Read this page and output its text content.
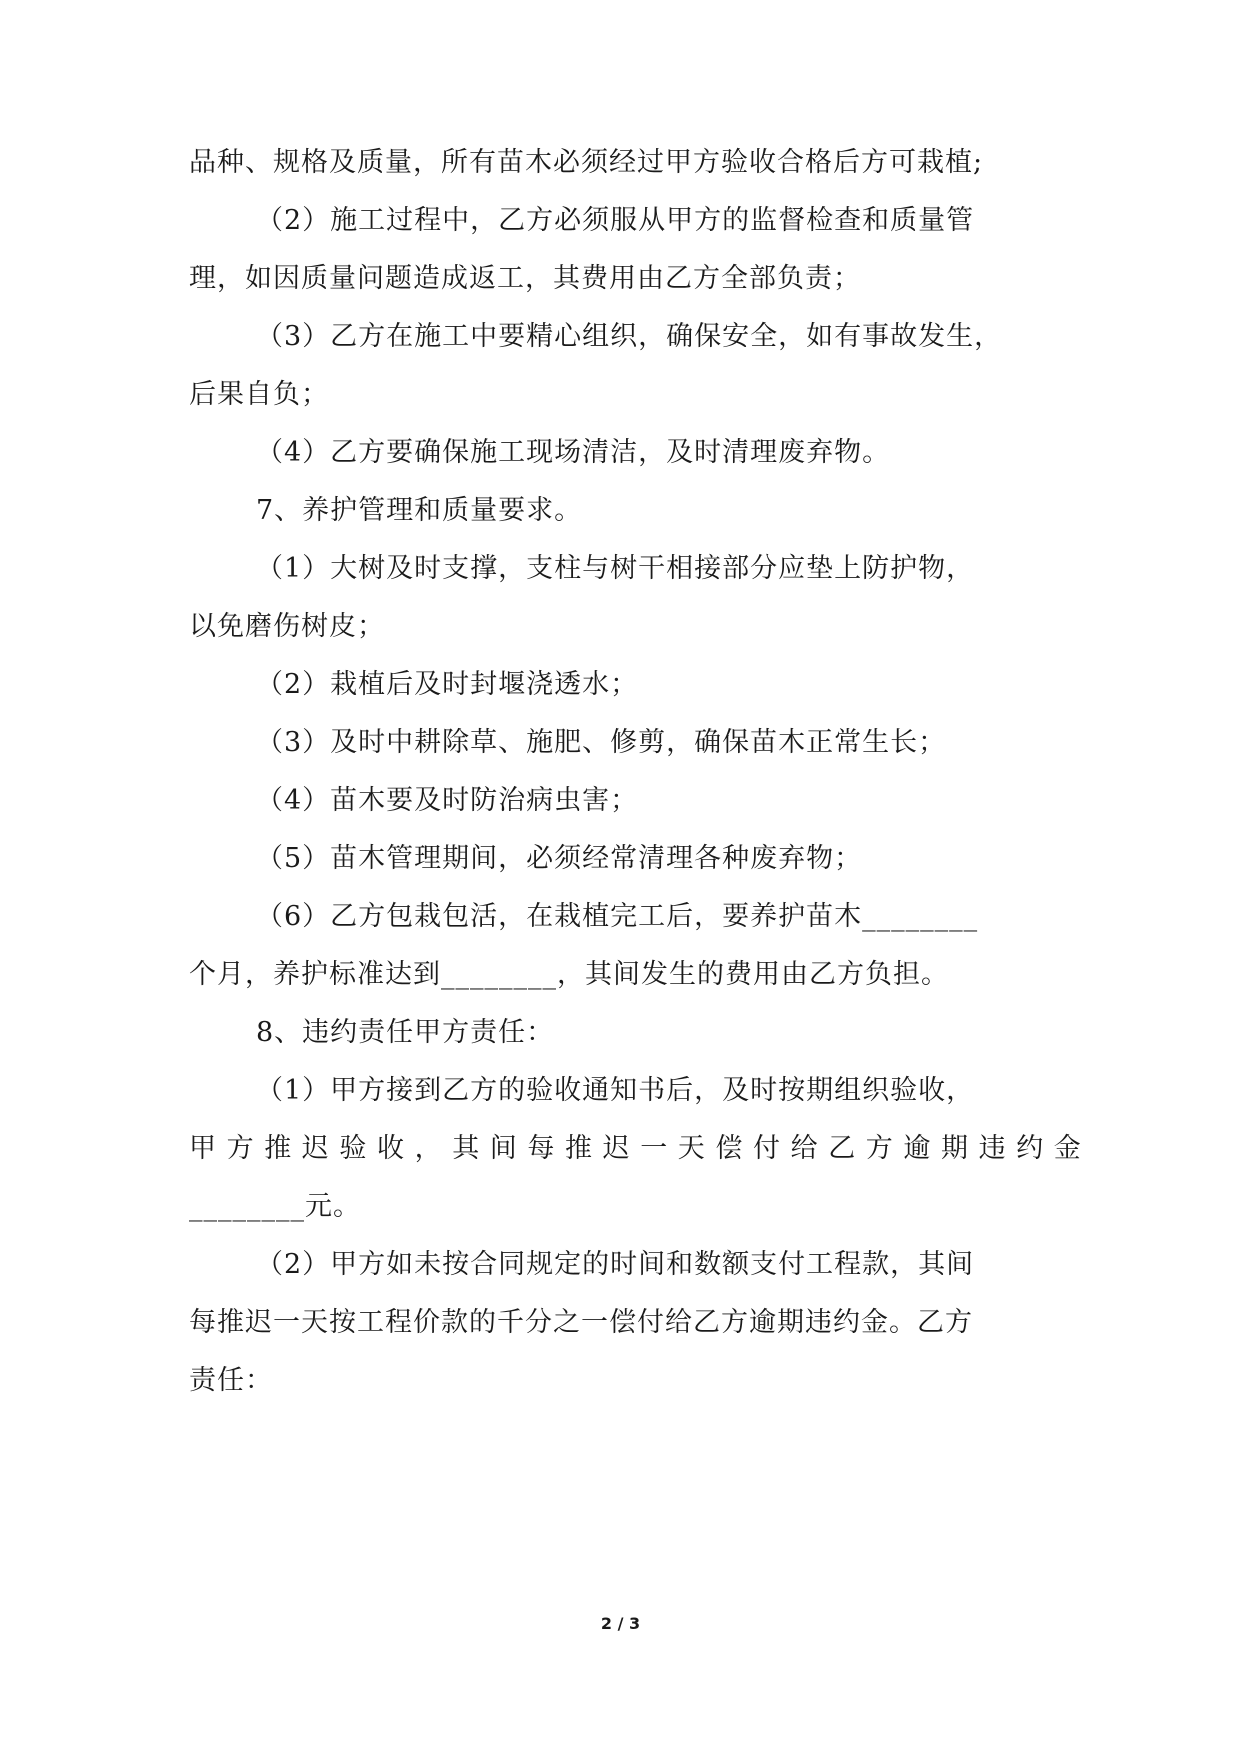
品种、规格及质量，所有苗木必须经过甲方验收合格后方可栽植;
（2）施工过程中，乙方必须服从甲方的监督检查和质量管
理，如因质量问题造成返工，其费用由乙方全部负责；
（3）乙方在施工中要精心组织，确保安全，如有事故发生，
后果自负；
（4）乙方要确保施工现场清洁，及时清理废弃物。
7、养护管理和质量要求。
（1）大树及时支撑，支柱与树干相接部分应垫上防护物，
以免磨伤树皮；
（2）栽植后及时封堰浇透水；
（3）及时中耕除草、施肥、修剪，确保苗木正常生长；
（4）苗木要及时防治病虫害；
（5）苗木管理期间，必须经常清理各种废弃物；
（6）乙方包栽包活，在栽植完工后，要养护苗木________
个月，养护标准达到________，其间发生的费用由乙方负担。
8、违约责任甲方责任：
（1）甲方接到乙方的验收通知书后，及时按期组织验收，
甲方推迟验收，其间每推迟一天偿付给乙方逾期违约金
________元。
（2）甲方如未按合同规定的时间和数额支付工程款，其间
每推迟一天按工程价款的千分之一偿付给乙方逾期违约金。乙方
责任：
2 / 3
